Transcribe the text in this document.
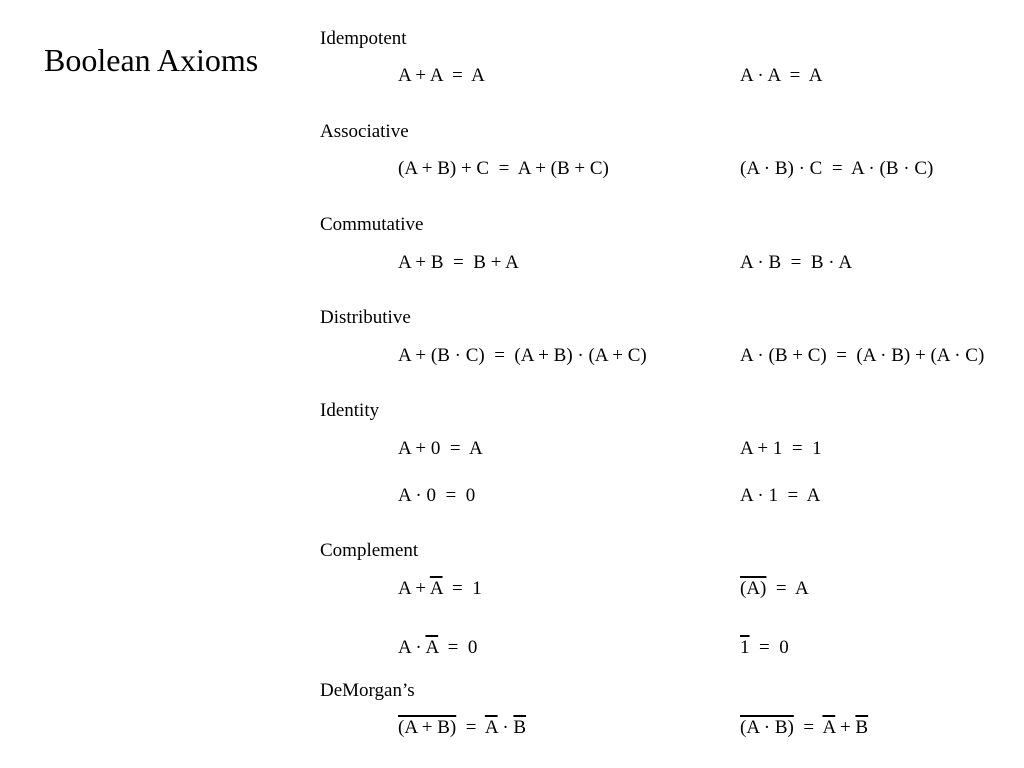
Boolean Axioms
Idempotent
A + A  =  A	A · A  =  A
Associative
(A + B) + C  =  A + (B + C)	(A · B) · C  =  A · (B · C)
Commutative
A + B  =  B + A	A · B  =  B · A
Distributive
A + (B · C)  =  (A + B) · (A + C)	A · (B + C)  =  (A · B) + (A · C)
Identity
A + 0  =  A	A + 1  =  1
A · 0  =  0	A · 1  =  A
Complement
$A + \overline{A} = 1$	(A)  =  A
$A \cdot \overline{A} = 0$	1  =  0
DeMorgan’s
$(A + B) = \overline{A} \cdot \overline{B}$	$(A \cdot B) = \overline{A} + \overline{B}$
